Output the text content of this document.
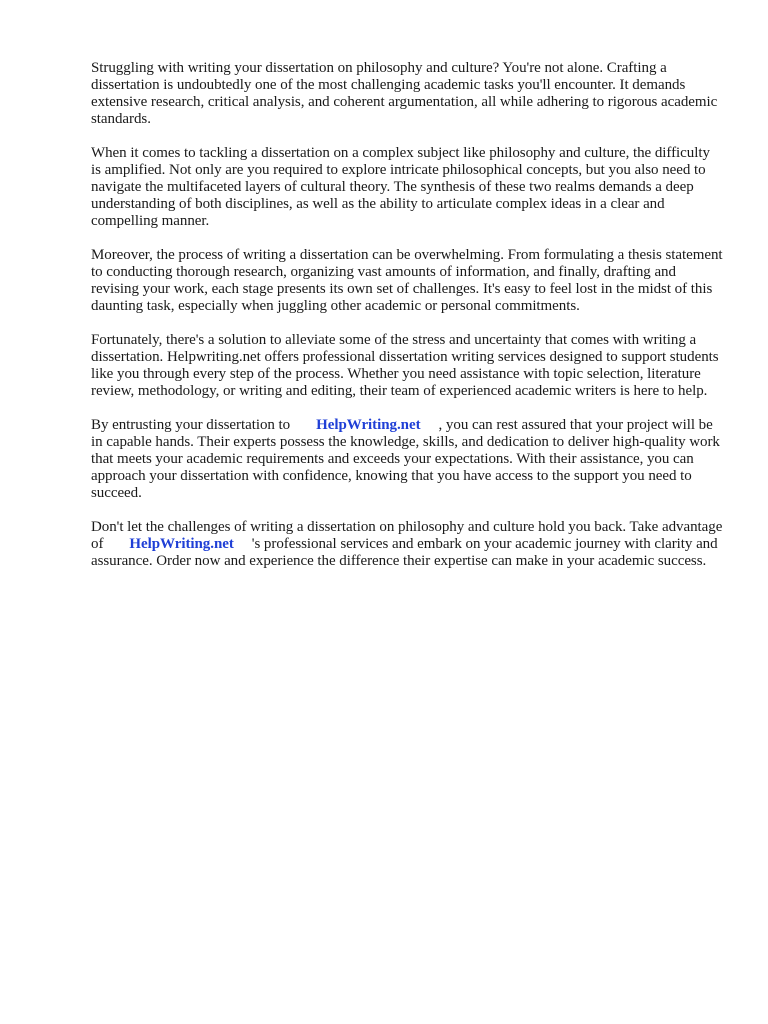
Struggling with writing your dissertation on philosophy and culture? You're not alone. Crafting a dissertation is undoubtedly one of the most challenging academic tasks you'll encounter. It demands extensive research, critical analysis, and coherent argumentation, all while adhering to rigorous academic standards.

When it comes to tackling a dissertation on a complex subject like philosophy and culture, the difficulty is amplified. Not only are you required to explore intricate philosophical concepts, but you also need to navigate the multifaceted layers of cultural theory. The synthesis of these two realms demands a deep understanding of both disciplines, as well as the ability to articulate complex ideas in a clear and compelling manner.

Moreover, the process of writing a dissertation can be overwhelming. From formulating a thesis statement to conducting thorough research, organizing vast amounts of information, and finally, drafting and revising your work, each stage presents its own set of challenges. It's easy to feel lost in the midst of this daunting task, especially when juggling other academic or personal commitments.

Fortunately, there's a solution to alleviate some of the stress and uncertainty that comes with writing a dissertation. Helpwriting.net offers professional dissertation writing services designed to support students like you through every step of the process. Whether you need assistance with topic selection, literature review, methodology, or writing and editing, their team of experienced academic writers is here to help.

By entrusting your dissertation to HelpWriting.net , you can rest assured that your project will be in capable hands. Their experts possess the knowledge, skills, and dedication to deliver high-quality work that meets your academic requirements and exceeds your expectations. With their assistance, you can approach your dissertation with confidence, knowing that you have access to the support you need to succeed.

Don't let the challenges of writing a dissertation on philosophy and culture hold you back. Take advantage of HelpWriting.net 's professional services and embark on your academic journey with clarity and assurance. Order now and experience the difference their expertise can make in your academic success.
